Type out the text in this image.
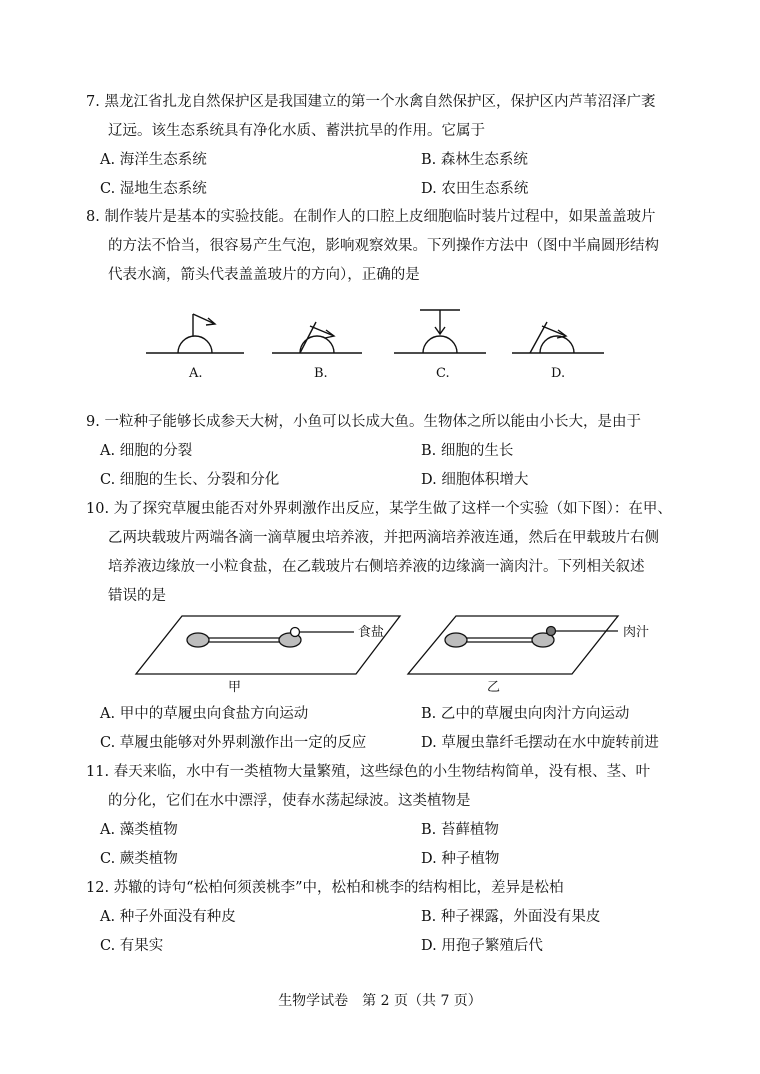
7. 黑龙江省扎龙自然保护区是我国建立的第一个水禽自然保护区，保护区内芦苇沼泽广袤
辽远。该生态系统具有净化水质、蓄洪抗旱的作用。它属于
A. 海洋生态系统	B. 森林生态系统
C. 湿地生态系统	D. 农田生态系统
8. 制作装片是基本的实验技能。在制作人的口腔上皮细胞临时装片过程中，如果盖盖玻片
的方法不恰当，很容易产生气泡，影响观察效果。下列操作方法中（图中半扁圆形结构
代表水滴，箭头代表盖盖玻片的方向），正确的是
A.	B.	C.	D.
9. 一粒种子能够长成参天大树，小鱼可以长成大鱼。生物体之所以能由小长大，是由于
A. 细胞的分裂	B. 细胞的生长
C. 细胞的生长、分裂和分化	D. 细胞体积增大
10. 为了探究草履虫能否对外界刺激作出反应，某学生做了这样一个实验（如下图）：在甲、
乙两块载玻片两端各滴一滴草履虫培养液，并把两滴培养液连通，然后在甲载玻片右侧
培养液边缘放一小粒食盐，在乙载玻片右侧培养液的边缘滴一滴肉汁。下列相关叙述
错误的是
食盐	肉汁
甲	乙
A. 甲中的草履虫向食盐方向运动	B. 乙中的草履虫向肉汁方向运动
C. 草履虫能够对外界刺激作出一定的反应	D. 草履虫靠纤毛摆动在水中旋转前进
11. 春天来临，水中有一类植物大量繁殖，这些绿色的小生物结构简单，没有根、茎、叶
的分化，它们在水中漂浮，使春水荡起绿波。这类植物是
A. 藻类植物	B. 苔藓植物
C. 蕨类植物	D. 种子植物
12. 苏辙的诗句“松柏何须羡桃李”中，松柏和桃李的结构相比，差异是松柏
A. 种子外面没有种皮	B. 种子裸露，外面没有果皮
C. 有果实	D. 用孢子繁殖后代
生物学试卷　第 2 页（共 7 页）
